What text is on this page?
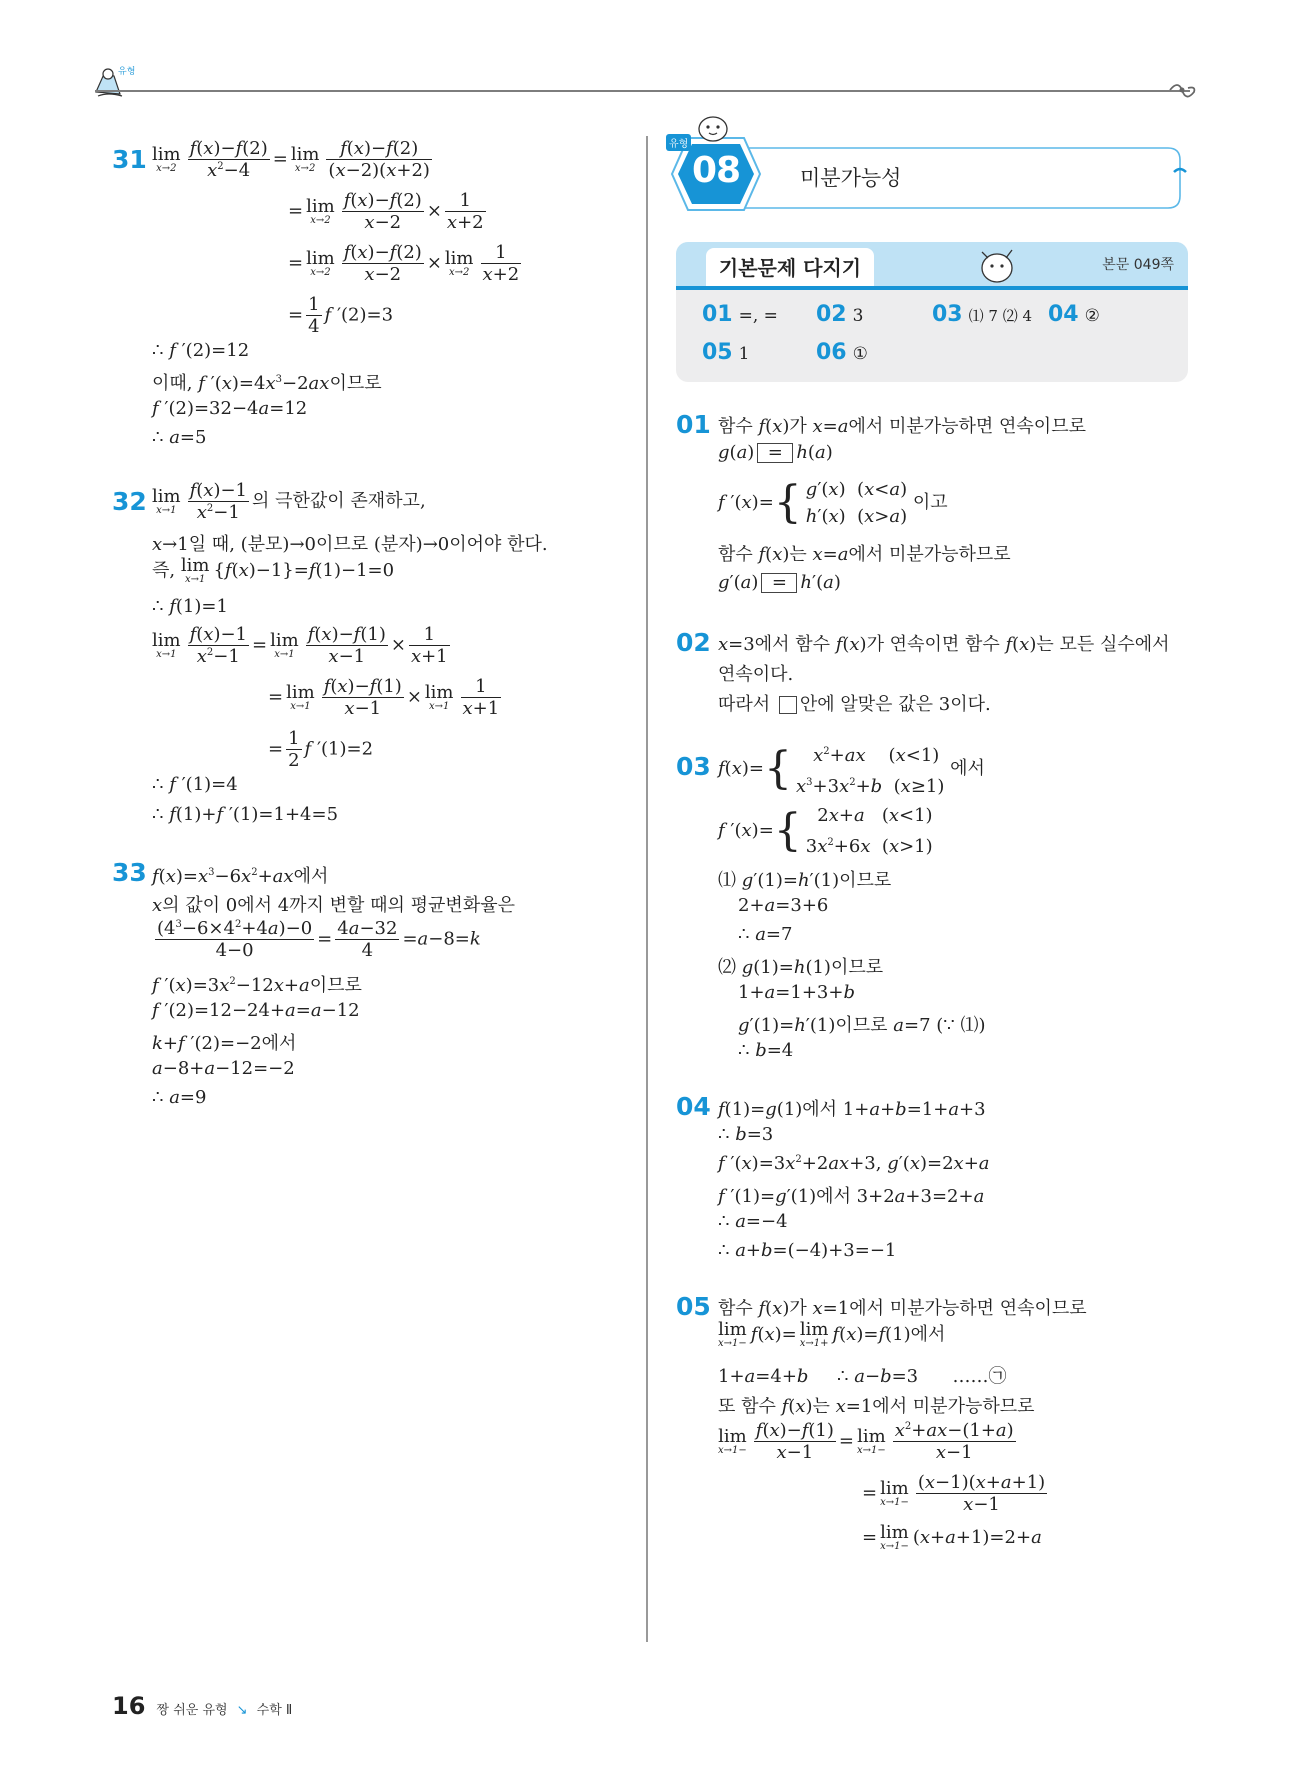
유형
31 lim
$x\to 2 \frac{f(x)-f(2)}{x^2-4} = \lim$
$x\to 2 \frac{f(x)-f(2)}{(x-2)(x+2)}$
= lim
$x\to 2 \frac{f(x)-f(2)}{x-2} \times \frac{1}{x+2}$
= lim
$x\to 2 \frac{f(x)-f(2)}{x-2} \times \lim$
$x\to 2 \frac{1}{x+2}$
= $\frac{1}{4}$ f ′(2)=3
∴ f ′(2)=12
이때, f $'(x)=4x^3-2ax$이므로
f ′(2)=32−4a=12
∴ a=5
32 lim
$x\to 1 \frac{f(x)-1}{x^2-1}$ 의 극한값이 존재하고,
x→1일 때, (분모)→0이므로 (분자)→0이어야 한다.
즉, lim
x→1 {f(x)−1}=f(1)−1=0
∴ f(1)=1
lim
$x\to 1 \frac{f(x)-1}{x^2-1} = \lim$
$x\to 1 \frac{f(x)-f(1)}{x-1} \times \frac{1}{x+1}$
= lim
$x\to 1 \frac{f(x)-f(1)}{x-1} \times \lim$
$x\to 1 \frac{1}{x+1}$
= $\frac{1}{2}$ f ′(1)=2
∴ f ′(1)=4
∴ f(1)+f ′(1)=1+4=5
33 $f(x)=x^3-6x^2+ax$에서
x의 값이 0에서 4까지 변할 때의 평균변화율은
$\frac{(4^3-6\times 4^2+4a)-0}{4-0} = \frac{4a-32}{4} =a-8=k$
f $'(x)=3x^2-12x+a$이므로
f ′(2)=12−24+a=a−12
k+f ′(2)=−2에서
a−8+a−12=−2
∴ a=9
유형
08	미분가능성
기본문제 다지기	본문 049쪽
01 =, = 02 3	03 ⑴ 7 ⑵ 4 04 ②
05 1	06 ①
01 함수 f(x)가 x=a에서 미분가능하면 연속이므로
g(a) = h(a)
f ′(x)={ g′(x)  (x<a)
h′(x)  (x>a) 이고
함수 f(x)는 x=a에서 미분가능하므로
g′(a) = h′(a)
02 x=3에서 함수 f(x)가 연속이면 함수 f(x)는 모든 실수에서
연속이다.
따라서 안에 알맞은 값은 3이다.
03 f(x)={ $x^2+ax$    (x<1)
$x^3+3x^2+b$  (x≥1) 에서
f ′(x)={  2x+a   (x<1)
$3x^2+6x$  (x>1)
⑴ g′(1)=h′(1)이므로
2+a=3+6
∴ a=7
⑵ g(1)=h(1)이므로
1+a=1+3+b
g′(1)=h′(1)이므로 a=7 (∵ ⑴)
∴ b=4
04 f(1)=g(1)에서 1+a+b=1+a+3
∴ b=3
f $'(x)=3x^2+2ax+3$, g′(x)=2x+a
f ′(1)=g′(1)에서 3+2a+3=2+a
∴ a=−4
∴ a+b=(−4)+3=−1
05 함수 f(x)가 x=1에서 미분가능하면 연속이므로
lim
x→1− f(x)= lim
x→1+ f(x)=f(1)에서
1+a=4+b     ∴ a−b=3      ……㉠
또 함수 f(x)는 x=1에서 미분가능하므로
lim
$x\to 1- \frac{f(x)-f(1)}{x-1} = \lim$
$x\to 1- \frac{x^2+ax-(1+a)}{x-1}$
= lim
$x\to 1- \frac{(x-1)(x+a+1)}{x-1}$
= lim
x→1− (x+a+1)=2+a
16 짱 쉬운 유형 ↘ 수학 Ⅱ
